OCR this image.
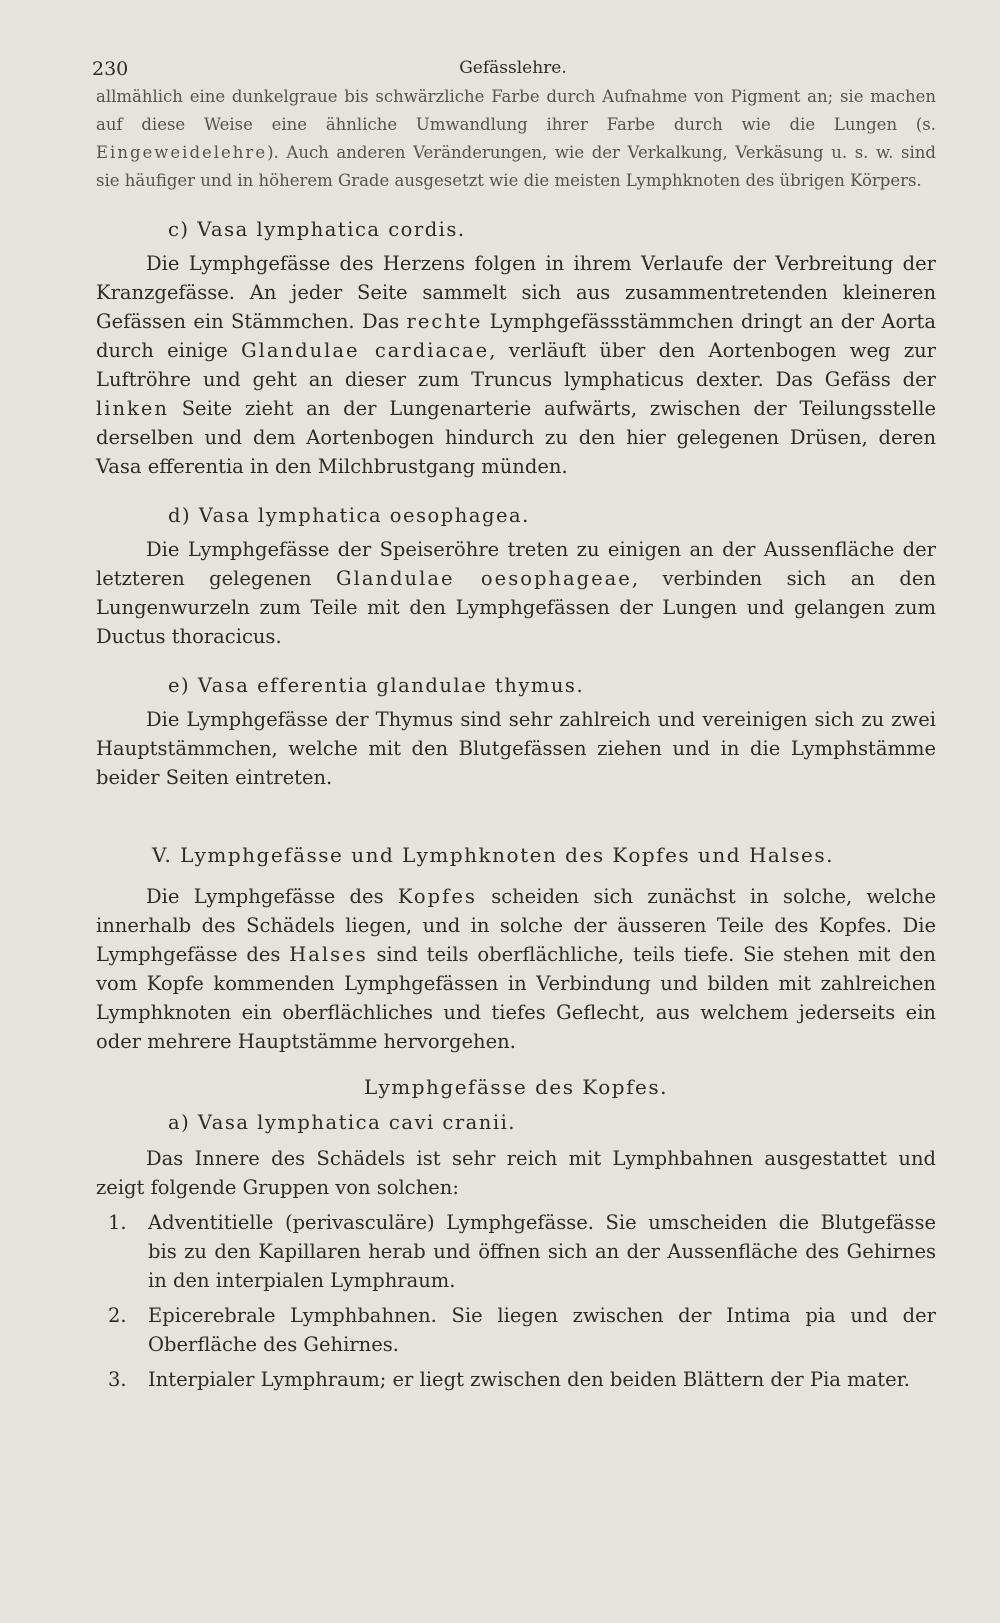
230	Gefässlehre.

allmählich eine dunkelgraue bis schwärzliche Farbe durch Aufnahme von Pigment an; sie machen auf diese Weise eine ähnliche Umwandlung ihrer Farbe durch wie die Lungen (s. Eingeweidelehre). Auch anderen Veränderungen, wie der Verkalkung, Verkäsung u. s. w. sind sie häufiger und in höherem Grade ausgesetzt wie die meisten Lymphknoten des übrigen Körpers.

c) Vasa lymphatica cordis.

Die Lymphgefässe des Herzens folgen in ihrem Verlaufe der Verbreitung der Kranzgefässe. An jeder Seite sammelt sich aus zusammentretenden kleineren Gefässen ein Stämmchen. Das rechte Lymphgefässstämmchen dringt an der Aorta durch einige Glandulae cardiacae, verläuft über den Aortenbogen weg zur Luftröhre und geht an dieser zum Truncus lymphaticus dexter. Das Gefäss der linken Seite zieht an der Lungenarterie aufwärts, zwischen der Teilungsstelle derselben und dem Aortenbogen hindurch zu den hier gelegenen Drüsen, deren Vasa efferentia in den Milchbrustgang münden.

d) Vasa lymphatica oesophagea.

Die Lymphgefässe der Speiseröhre treten zu einigen an der Aussenfläche der letzteren gelegenen Glandulae oesophageae, verbinden sich an den Lungenwurzeln zum Teile mit den Lymphgefässen der Lungen und gelangen zum Ductus thoracicus.

e) Vasa efferentia glandulae thymus.

Die Lymphgefässe der Thymus sind sehr zahlreich und vereinigen sich zu zwei Hauptstämmchen, welche mit den Blutgefässen ziehen und in die Lymphstämme beider Seiten eintreten.

V. Lymphgefässe und Lymphknoten des Kopfes und Halses.

Die Lymphgefässe des Kopfes scheiden sich zunächst in solche, welche innerhalb des Schädels liegen, und in solche der äusseren Teile des Kopfes. Die Lymphgefässe des Halses sind teils oberflächliche, teils tiefe. Sie stehen mit den vom Kopfe kommenden Lymphgefässen in Verbindung und bilden mit zahlreichen Lymphknoten ein oberflächliches und tiefes Geflecht, aus welchem jederseits ein oder mehrere Hauptstämme hervorgehen.

Lymphgefässe des Kopfes.
a) Vasa lymphatica cavi cranii.

Das Innere des Schädels ist sehr reich mit Lymphbahnen ausgestattet und zeigt folgende Gruppen von solchen:

1.	Adventitielle (perivasculäre) Lymphgefässe. Sie umscheiden die Blutgefässe bis zu den Kapillaren herab und öffnen sich an der Aussenfläche des Gehirnes in den interpialen Lymphraum.
2.	Epicerebrale Lymphbahnen. Sie liegen zwischen der Intima pia und der Oberfläche des Gehirnes.
3.	Interpialer Lymphraum; er liegt zwischen den beiden Blättern der Pia mater.
